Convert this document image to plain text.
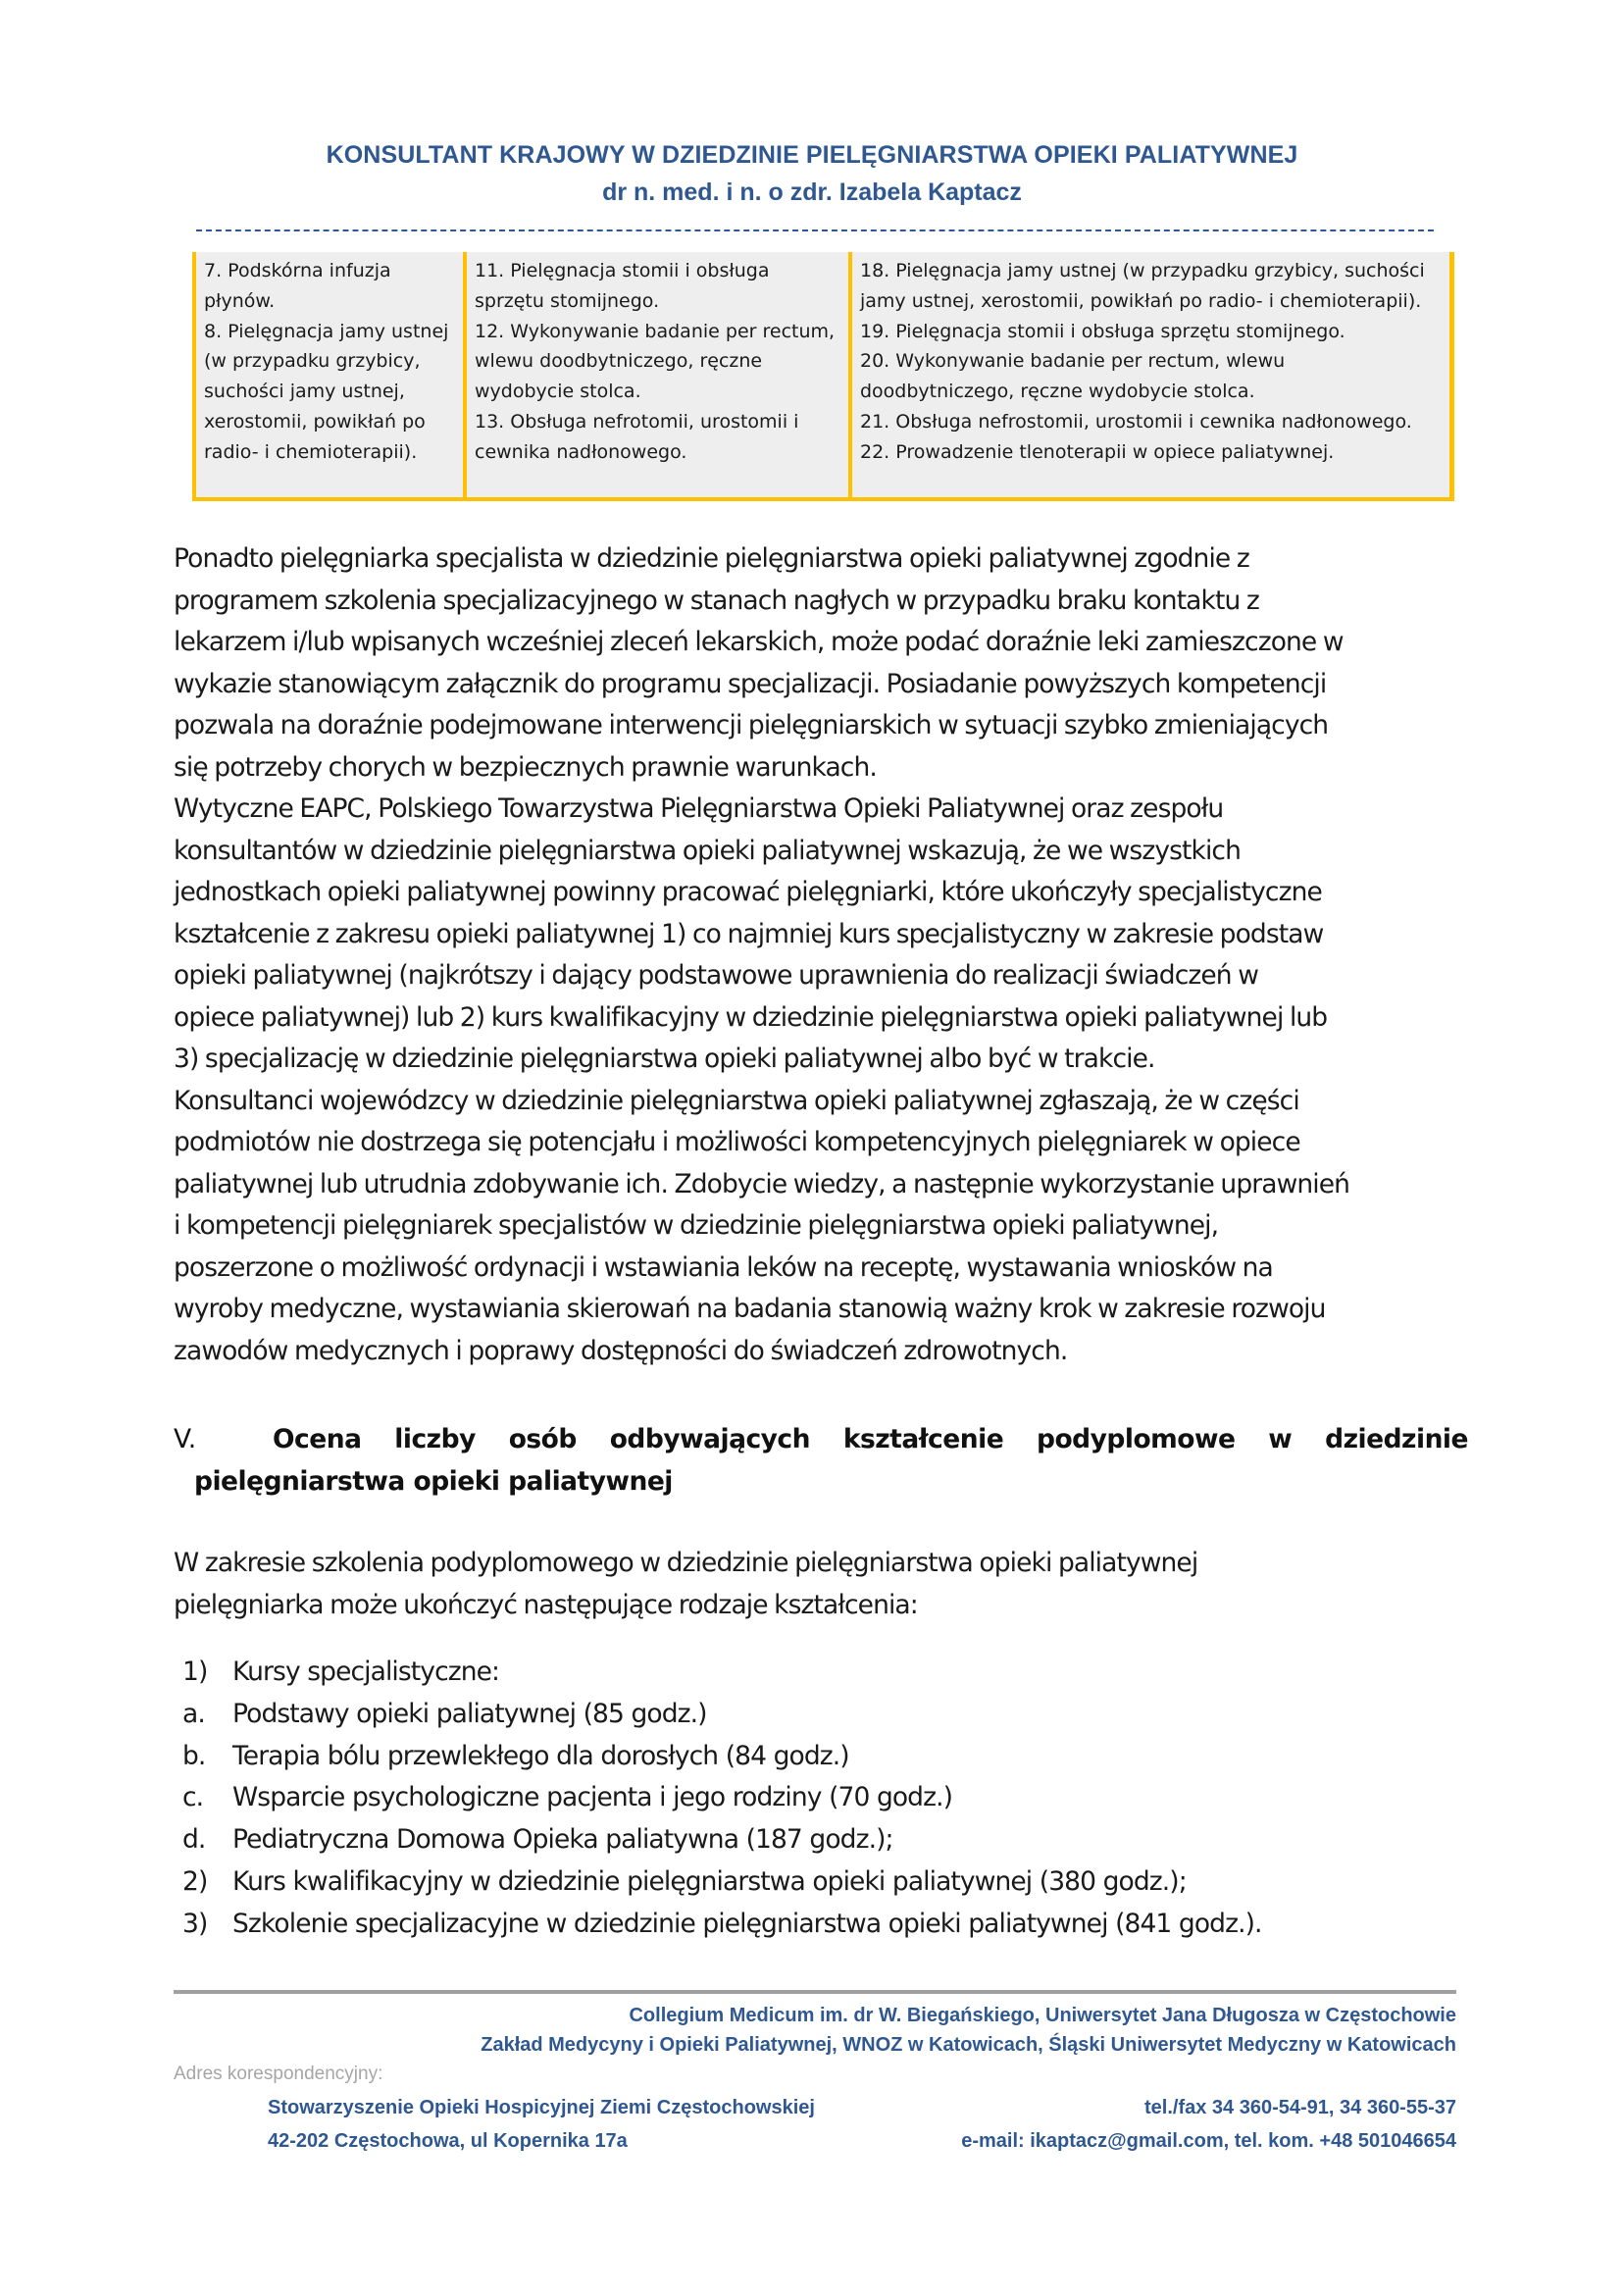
KONSULTANT KRAJOWY W DZIEDZINIE PIELĘGNIARSTWA OPIEKI PALIATYWNEJ
dr n. med. i n. o zdr. Izabela Kaptacz
7. Podskórna infuzja
płynów.
8. Pielęgnacja jamy ustnej
(w przypadku grzybicy,
suchości jamy ustnej,
xerostomii, powikłań po
radio- i chemioterapii).
11. Pielęgnacja stomii i obsługa
sprzętu stomijnego.
12. Wykonywanie badanie per rectum,
wlewu doodbytniczego, ręczne
wydobycie stolca.
13. Obsługa nefrotomii, urostomii i
cewnika nadłonowego.
18. Pielęgnacja jamy ustnej (w przypadku grzybicy, suchości
jamy ustnej, xerostomii, powikłań po radio- i chemioterapii).
19. Pielęgnacja stomii i obsługa sprzętu stomijnego.
20. Wykonywanie badanie per rectum, wlewu
doodbytniczego, ręczne wydobycie stolca.
21. Obsługa nefrostomii, urostomii i cewnika nadłonowego.
22. Prowadzenie tlenoterapii w opiece paliatywnej.
Ponadto pielęgniarka specjalista w dziedzinie pielęgniarstwa opieki paliatywnej zgodnie z
programem szkolenia specjalizacyjnego w stanach nagłych w przypadku braku kontaktu z
lekarzem i/lub wpisanych wcześniej zleceń lekarskich, może podać doraźnie leki zamieszczone w
wykazie stanowiącym załącznik do programu specjalizacji. Posiadanie powyższych kompetencji
pozwala na doraźnie podejmowane interwencji pielęgniarskich w sytuacji szybko zmieniających
się potrzeby chorych w bezpiecznych prawnie warunkach.
Wytyczne EAPC, Polskiego Towarzystwa Pielęgniarstwa Opieki Paliatywnej oraz zespołu
konsultantów w dziedzinie pielęgniarstwa opieki paliatywnej wskazują, że we wszystkich
jednostkach opieki paliatywnej powinny pracować pielęgniarki, które ukończyły specjalistyczne
kształcenie z zakresu opieki paliatywnej 1) co najmniej kurs specjalistyczny w zakresie podstaw
opieki paliatywnej (najkrótszy i dający podstawowe uprawnienia do realizacji świadczeń w
opiece paliatywnej) lub 2) kurs kwalifikacyjny w dziedzinie pielęgniarstwa opieki paliatywnej lub
3) specjalizację w dziedzinie pielęgniarstwa opieki paliatywnej albo być w trakcie.
Konsultanci wojewódzcy w dziedzinie pielęgniarstwa opieki paliatywnej zgłaszają, że w części
podmiotów nie dostrzega się potencjału i możliwości kompetencyjnych pielęgniarek w opiece
paliatywnej lub utrudnia zdobywanie ich. Zdobycie wiedzy, a następnie wykorzystanie uprawnień
i kompetencji pielęgniarek specjalistów w dziedzinie pielęgniarstwa opieki paliatywnej,
poszerzone o możliwość ordynacji i wstawiania leków na receptę, wystawania wniosków na
wyroby medyczne, wystawiania skierowań na badania stanowią ważny krok w zakresie rozwoju
zawodów medycznych i poprawy dostępności do świadczeń zdrowotnych.
V.	Ocena liczby osób odbywających kształcenie podyplomowe w dziedzinie
pielęgniarstwa opieki paliatywnej
W zakresie szkolenia podyplomowego w dziedzinie pielęgniarstwa opieki paliatywnej
pielęgniarka może ukończyć następujące rodzaje kształcenia:
1) Kursy specjalistyczne:
a.	Podstawy opieki paliatywnej (85 godz.)
b.	Terapia bólu przewlekłego dla dorosłych (84 godz.)
c.	Wsparcie psychologiczne pacjenta i jego rodziny (70 godz.)
d.	Pediatryczna Domowa Opieka paliatywna (187 godz.);
2) Kurs kwalifikacyjny w dziedzinie pielęgniarstwa opieki paliatywnej (380 godz.);
3) Szkolenie specjalizacyjne w dziedzinie pielęgniarstwa opieki paliatywnej (841 godz.).
Collegium Medicum im. dr W. Biegańskiego, Uniwersytet Jana Długosza w Częstochowie
Zakład Medycyny i Opieki Paliatywnej, WNOZ w Katowicach, Śląski Uniwersytet Medyczny w Katowicach
Adres korespondencyjny:
Stowarzyszenie Opieki Hospicyjnej Ziemi Częstochowskiej	tel./fax 34 360-54-91, 34 360-55-37
42-202 Częstochowa, ul Kopernika 17a	e-mail: ikaptacz@gmail.com, tel. kom. +48 501046654
